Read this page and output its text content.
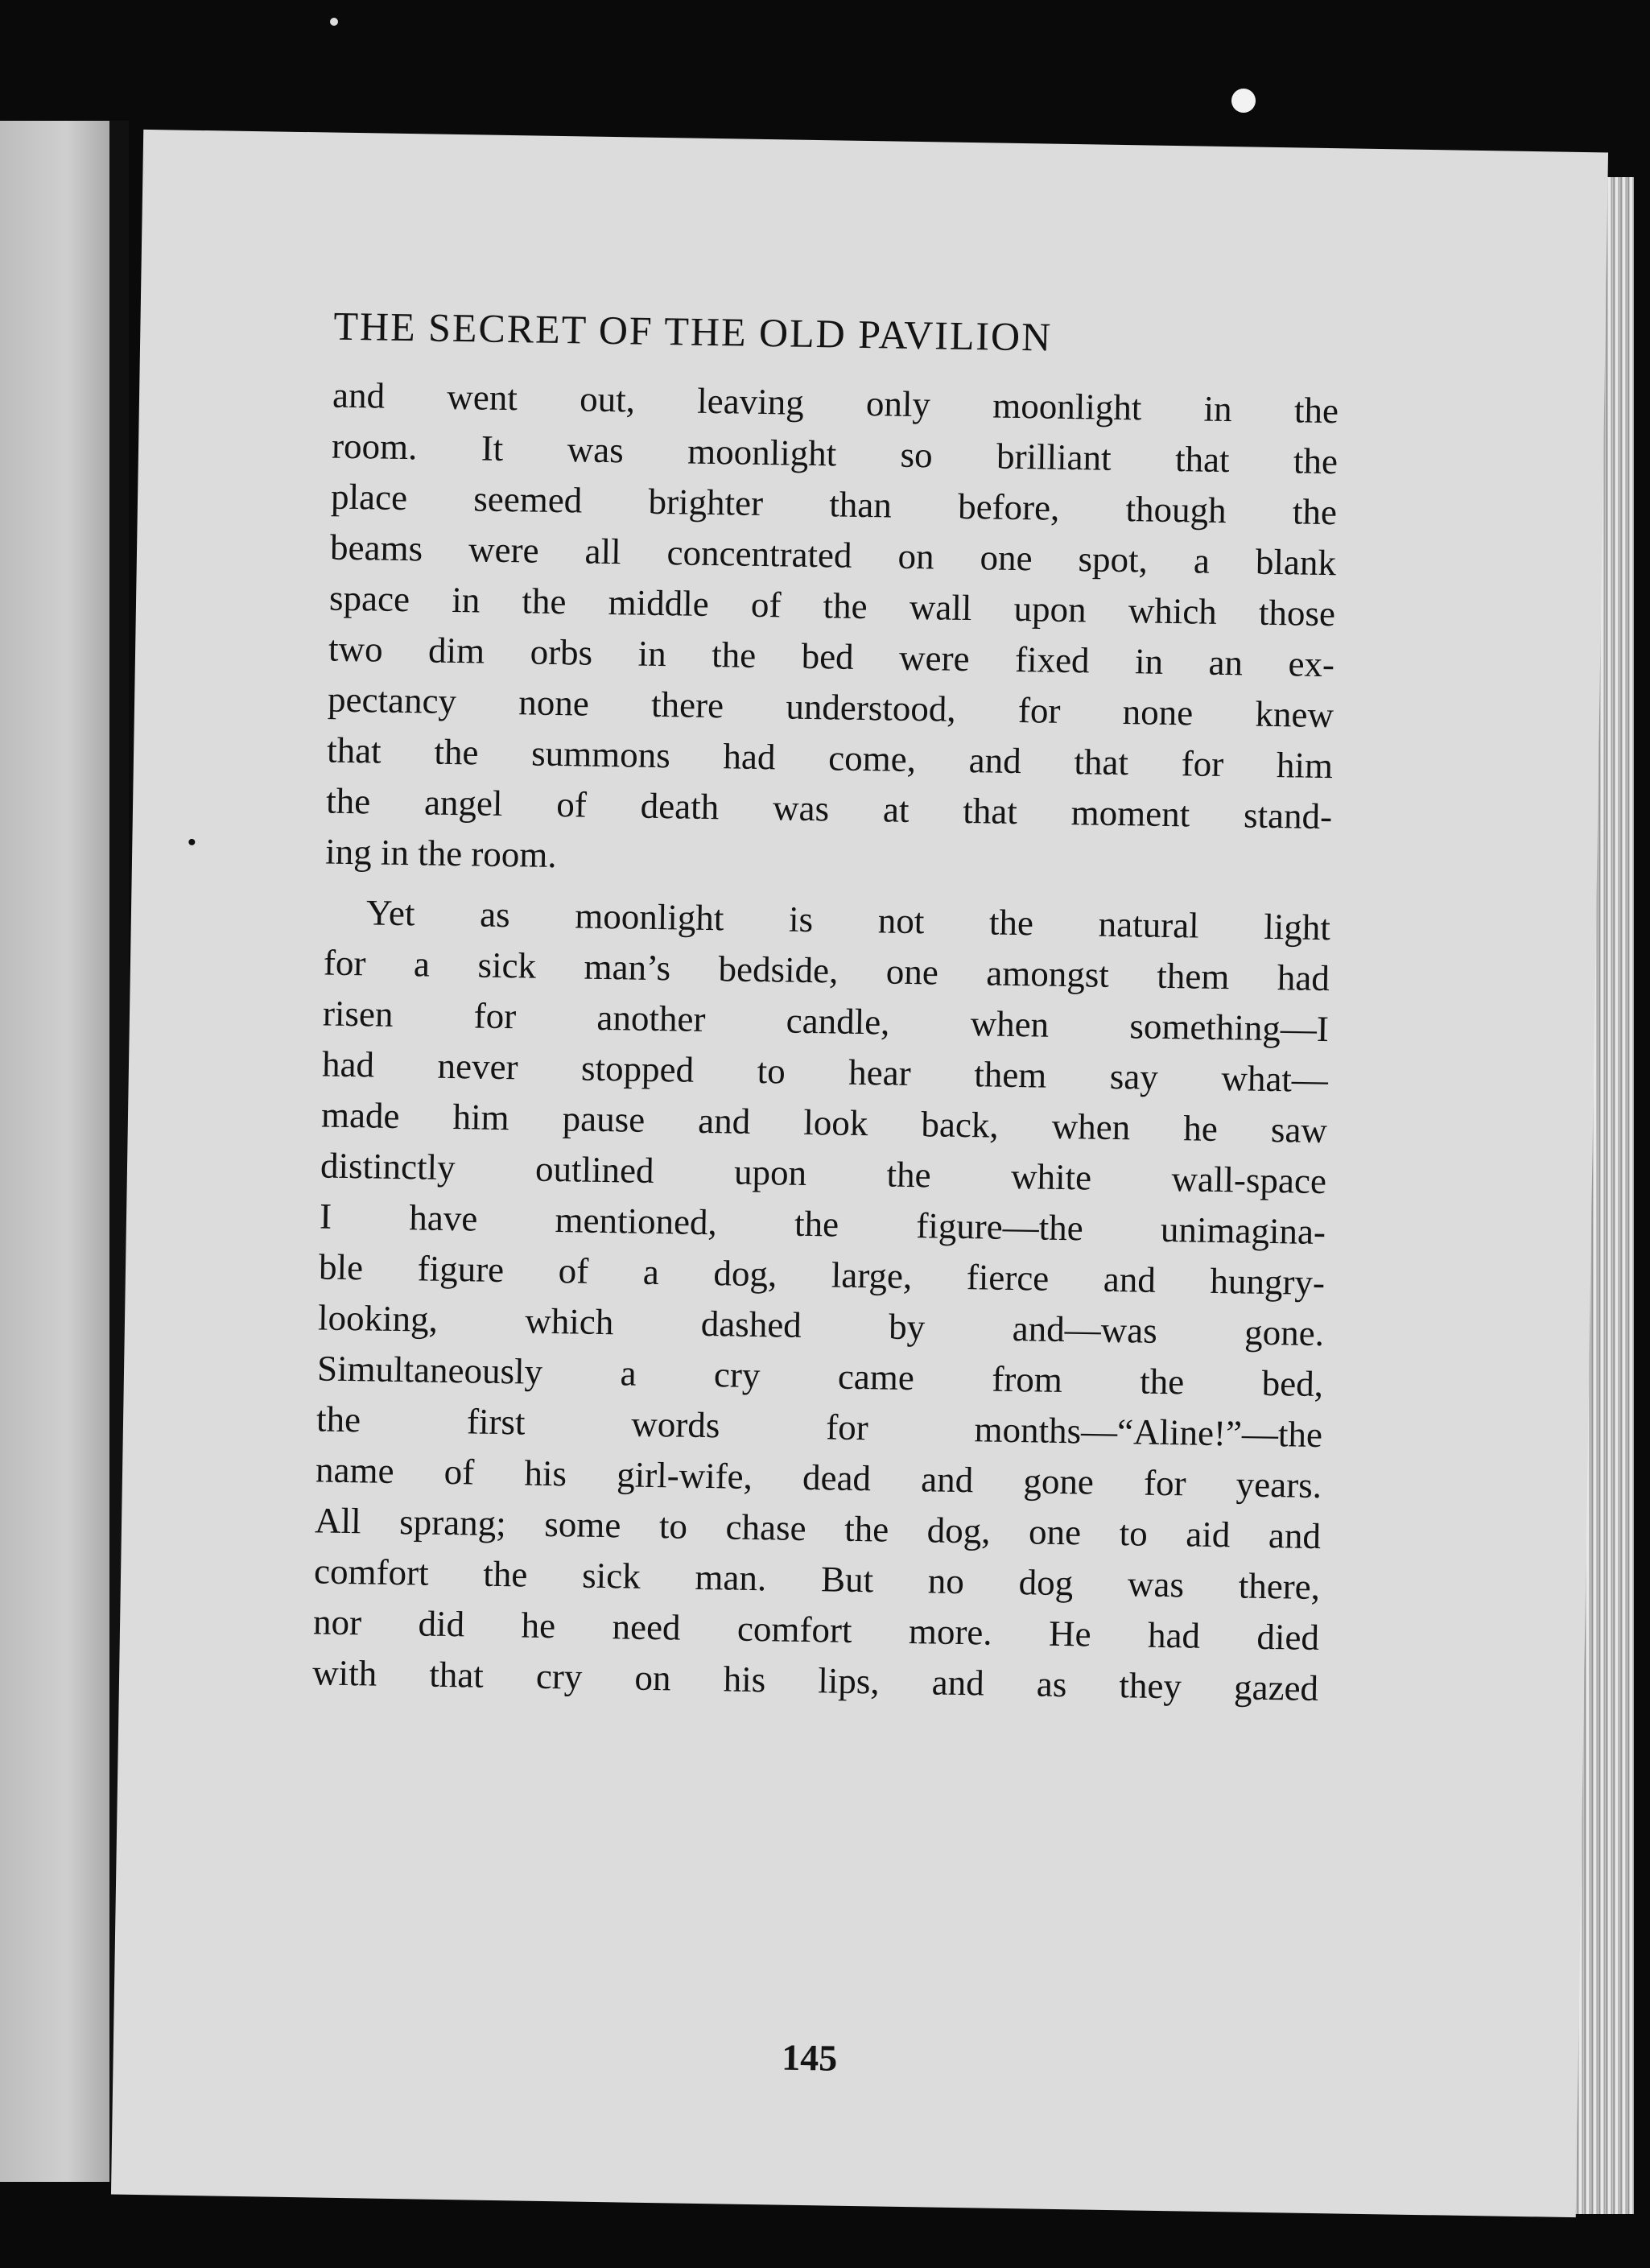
THE SECRET OF THE OLD PAVILION

and went out, leaving only moonlight in the
room. It was moonlight so brilliant that the
place seemed brighter than before, though the
beams were all concentrated on one spot, a blank
space in the middle of the wall upon which those
two dim orbs in the bed were fixed in an ex-
pectancy none there understood, for none knew
that the summons had come, and that for him
the angel of death was at that moment stand-
ing in the room.

Yet as moonlight is not the natural light
for a sick man’s bedside, one amongst them had
risen for another candle, when something—I
had never stopped to hear them say what—
made him pause and look back, when he saw
distinctly outlined upon the white wall-space
I have mentioned, the figure—the unimagina-
ble figure of a dog, large, fierce and hungry-
looking, which dashed by and—was gone.
Simultaneously a cry came from the bed,
the first words for months—“Aline!”—the
name of his girl-wife, dead and gone for years.
All sprang; some to chase the dog, one to aid and
comfort the sick man. But no dog was there,
nor did he need comfort more. He had died
with that cry on his lips, and as they gazed

145
